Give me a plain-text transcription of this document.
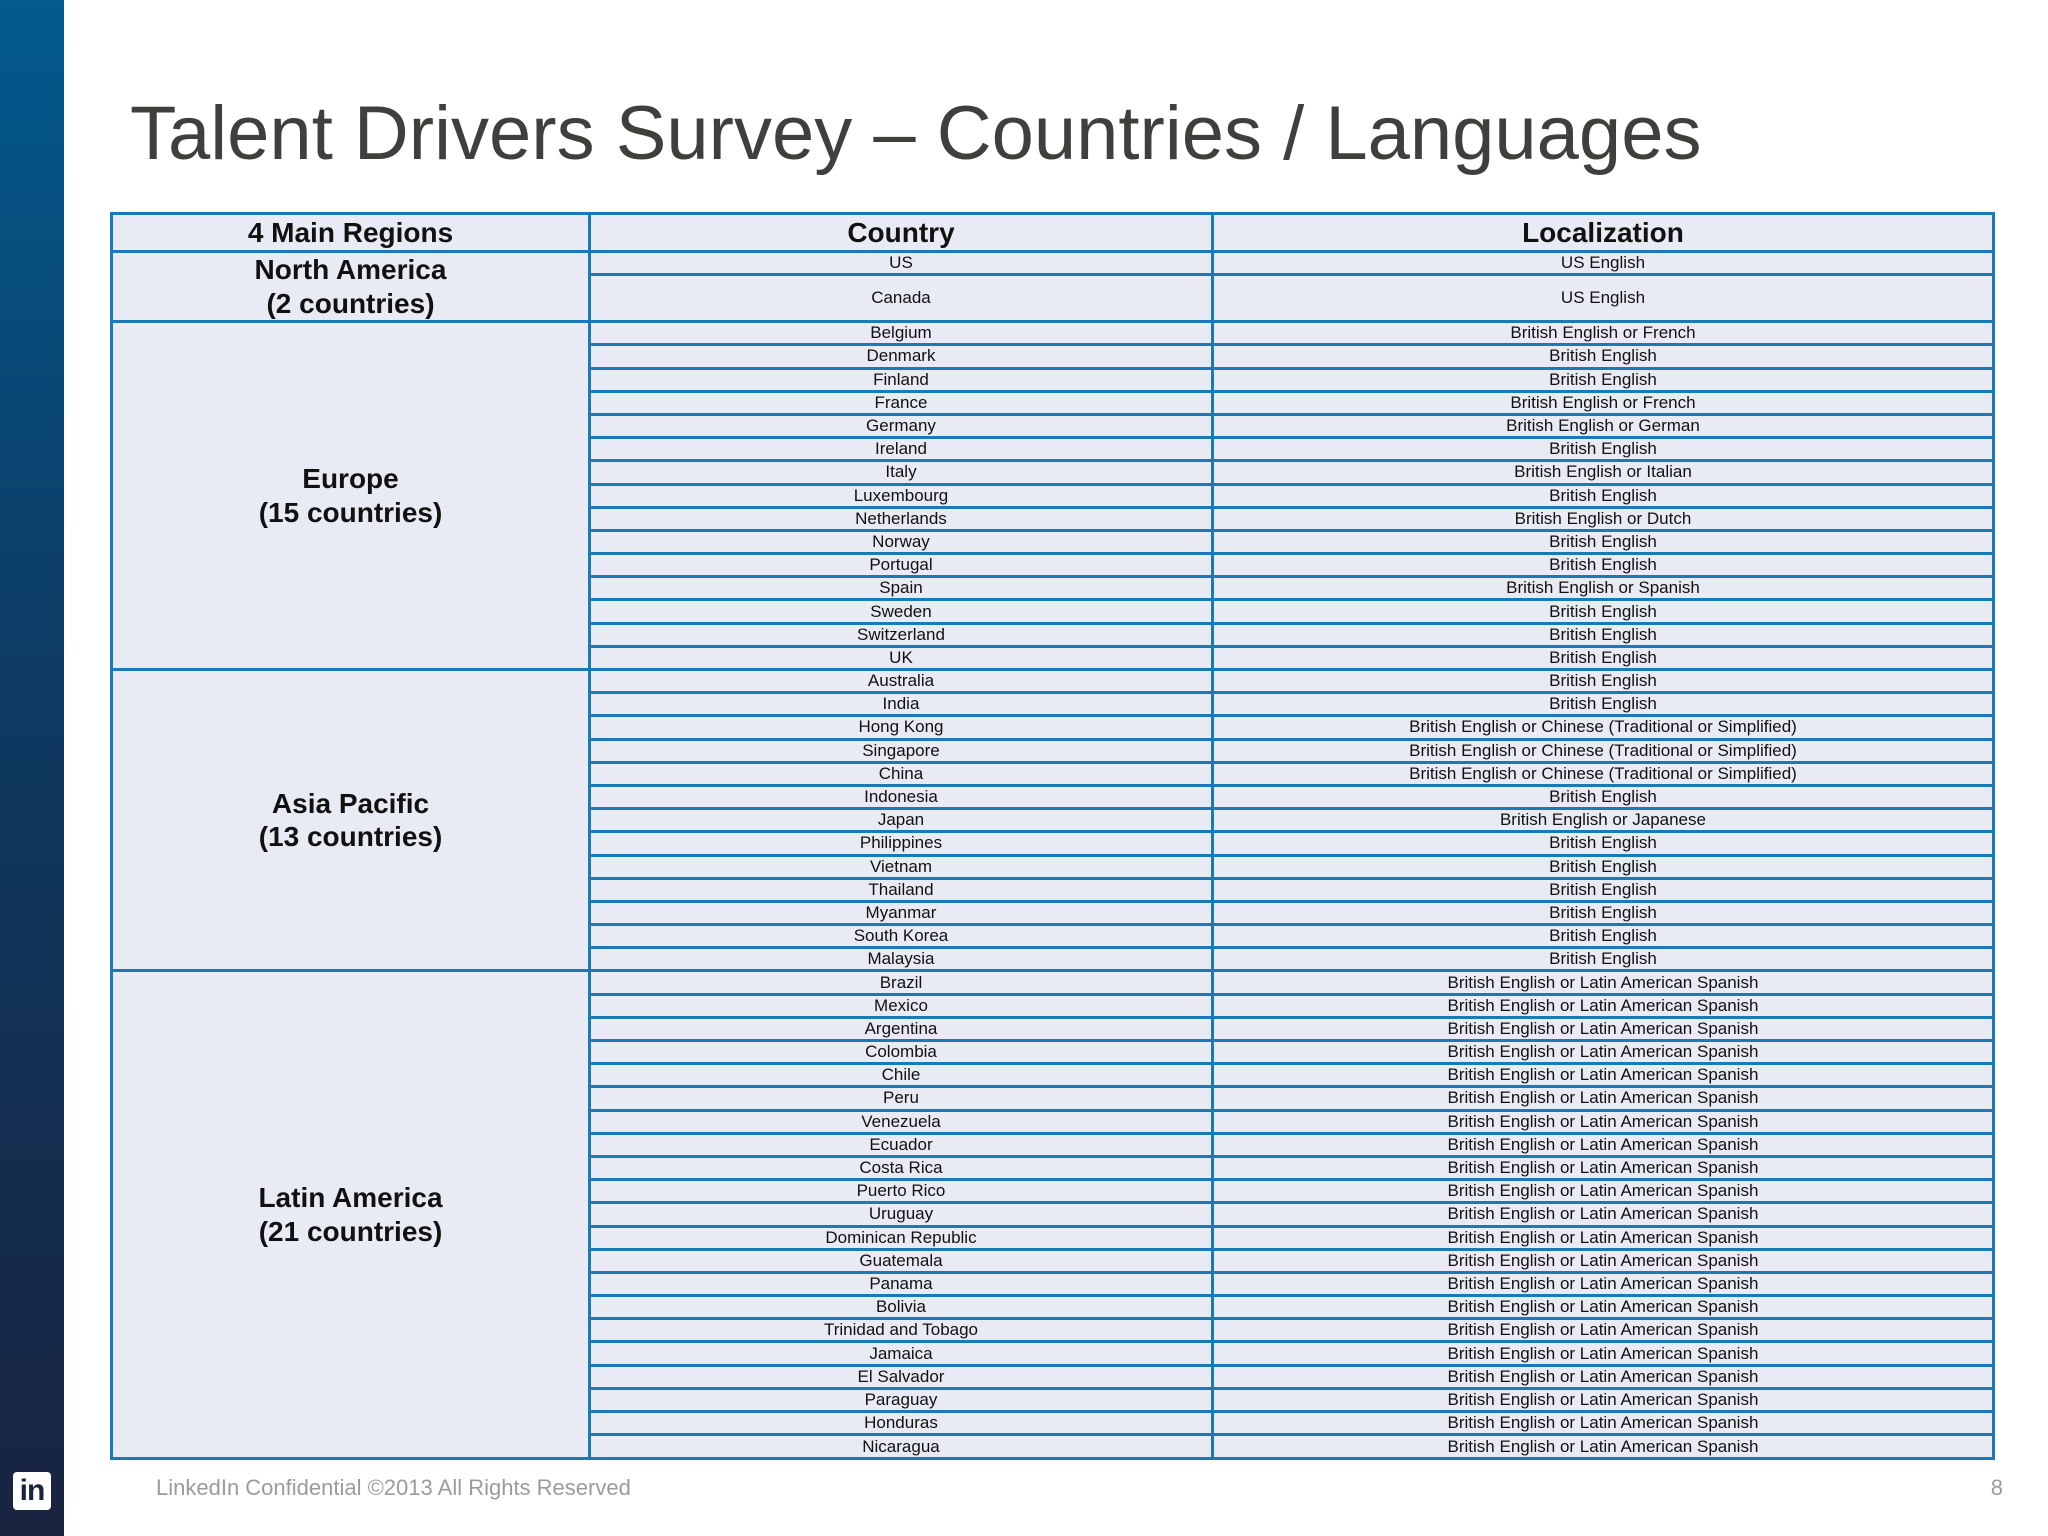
in
Talent Drivers Survey – Countries / Languages
4 Main Regions	Country	Localization

North America
(2 countries)	US	US English
	Canada	US English

Europe
(15 countries)	Belgium	British English or French
	Denmark	British English
	Finland	British English
	France	British English or French
	Germany	British English or German
	Ireland	British English
	Italy	British English or Italian
	Luxembourg	British English
	Netherlands	British English or Dutch
	Norway	British English
	Portugal	British English
	Spain	British English or Spanish
	Sweden	British English
	Switzerland	British English
	UK	British English

Asia Pacific
(13 countries)	Australia	British English
	India	British English
	Hong Kong	British English or Chinese (Traditional or Simplified)
	Singapore	British English or Chinese (Traditional or Simplified)
	China	British English or Chinese (Traditional or Simplified)
	Indonesia	British English
	Japan	British English or Japanese
	Philippines	British English
	Vietnam	British English
	Thailand	British English
	Myanmar	British English
	South Korea	British English
	Malaysia	British English

Latin America
(21 countries)	Brazil	British English or Latin American Spanish
	Mexico	British English or Latin American Spanish
	Argentina	British English or Latin American Spanish
	Colombia	British English or Latin American Spanish
	Chile	British English or Latin American Spanish
	Peru	British English or Latin American Spanish
	Venezuela	British English or Latin American Spanish
	Ecuador	British English or Latin American Spanish
	Costa Rica	British English or Latin American Spanish
	Puerto Rico	British English or Latin American Spanish
	Uruguay	British English or Latin American Spanish
	Dominican Republic	British English or Latin American Spanish
	Guatemala	British English or Latin American Spanish
	Panama	British English or Latin American Spanish
	Bolivia	British English or Latin American Spanish
	Trinidad and Tobago	British English or Latin American Spanish
	Jamaica	British English or Latin American Spanish
	El Salvador	British English or Latin American Spanish
	Paraguay	British English or Latin American Spanish
	Honduras	British English or Latin American Spanish
	Nicaragua	British English or Latin American Spanish
LinkedIn Confidential ©2013 All Rights Reserved	8
